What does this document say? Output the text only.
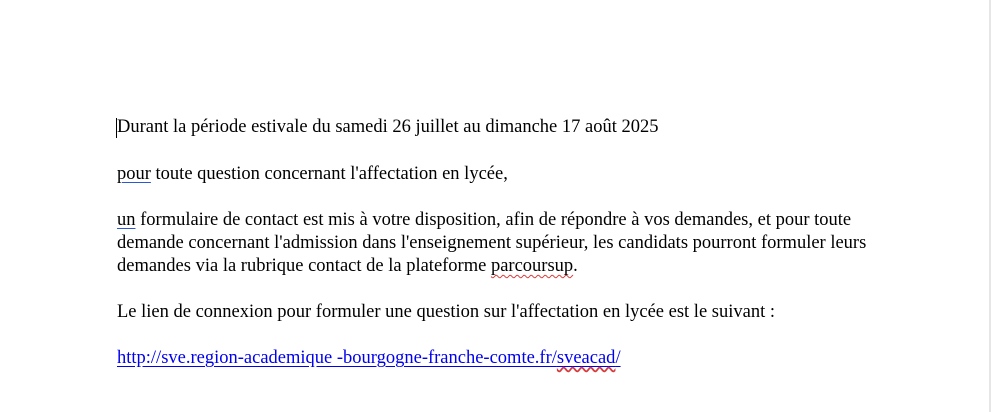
Durant la période estivale du samedi 26 juillet au dimanche 17 août 2025

pour toute question concernant l'affectation en lycée,

un formulaire de contact est mis à votre disposition, afin de répondre à vos demandes, et pour toute demande concernant l'admission dans l'enseignement supérieur, les candidats pourront formuler leurs demandes via la rubrique contact de la plateforme parcoursup.

Le lien de connexion pour formuler une question sur l'affectation en lycée est le suivant :

http://sve.region-academique -bourgogne-franche-comte.fr/sveacad/
